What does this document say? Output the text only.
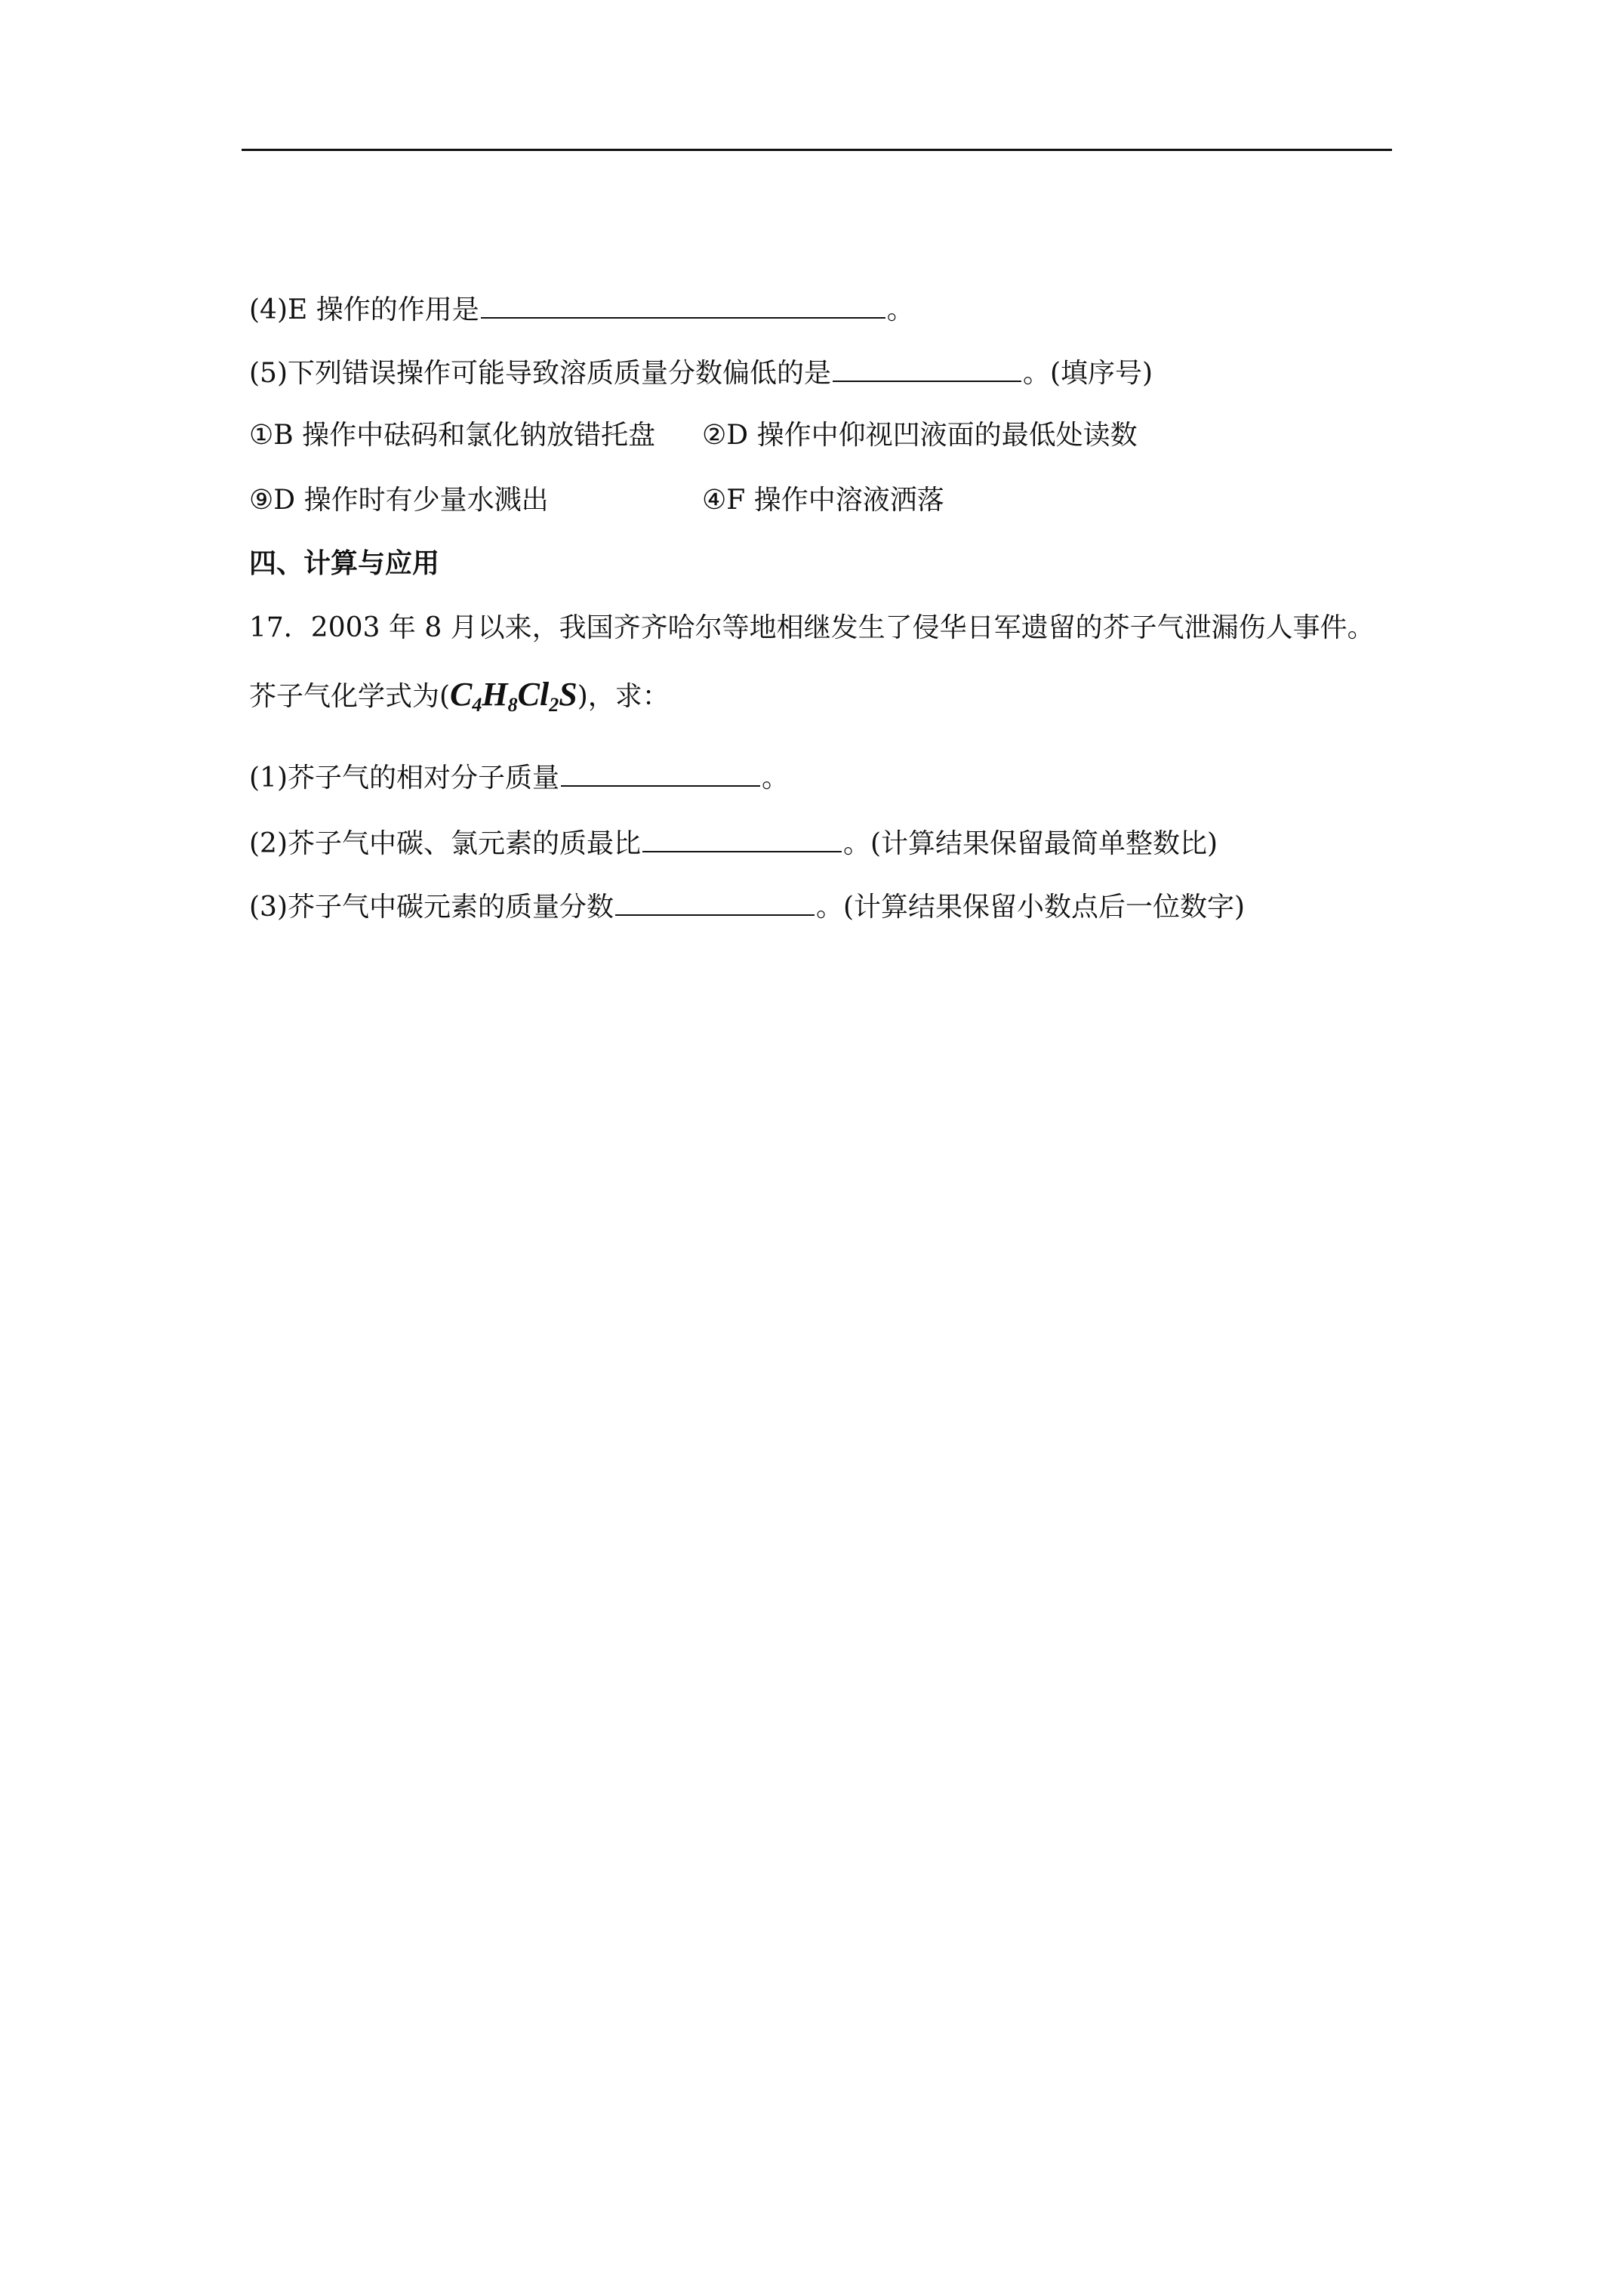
(4)E 操作的作用是	。
(5)下列错误操作可能导致溶质质量分数偏低的是	。(填序号)
①B 操作中砝码和氯化钠放错托盘 ②D 操作中仰视凹液面的最低处读数
⑨D 操作时有少量水溅出	④F 操作中溶液洒落
四、计算与应用
17．2003 年 8 月以来，我国齐齐哈尔等地相继发生了侵华日军遗留的芥子气泄漏伤人事件。
芥子气化学式为$(C_4H_8Cl_2S)$，求：
(1)芥子气的相对分子质量	。
(2)芥子气中碳、氯元素的质最比	。(计算结果保留最简单整数比)
(3)芥子气中碳元素的质量分数	。(计算结果保留小数点后一位数字)
